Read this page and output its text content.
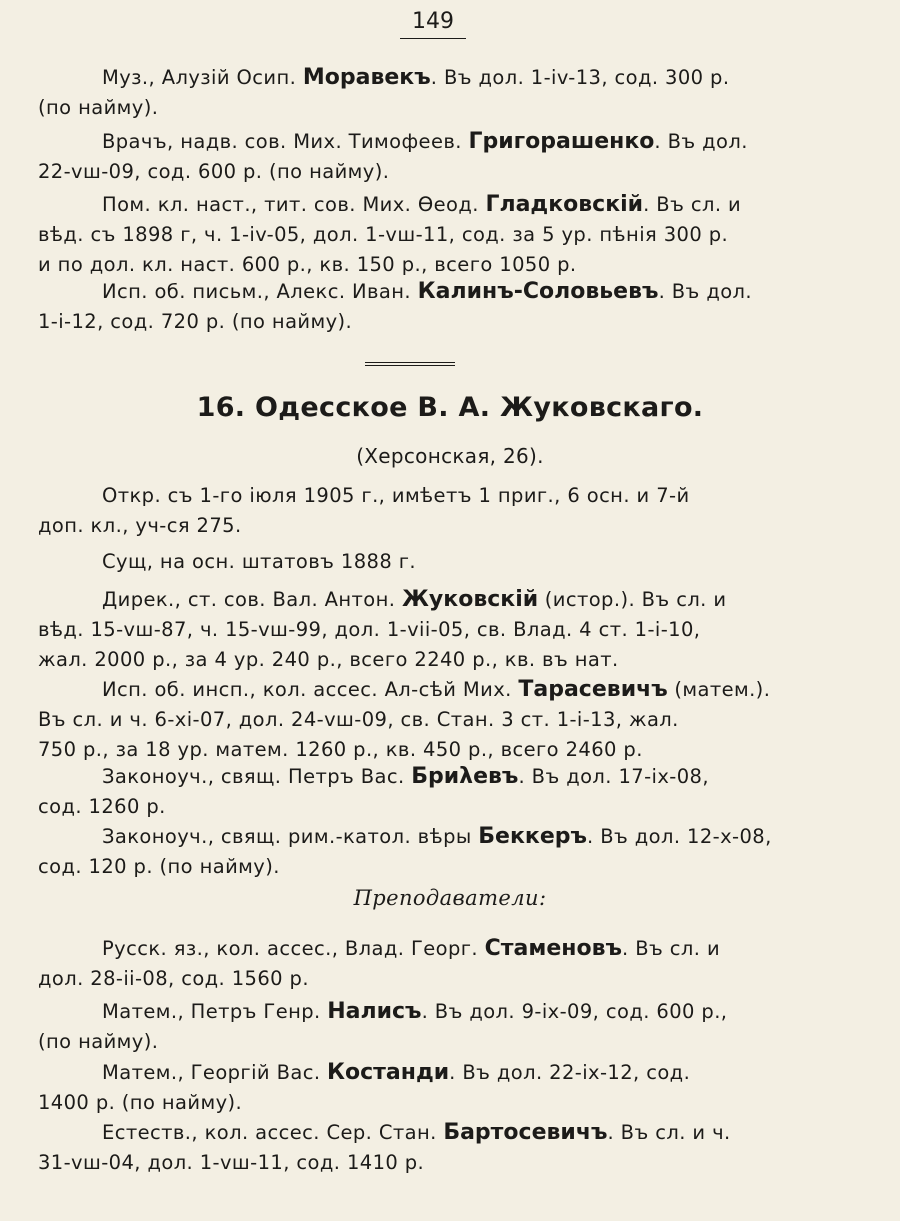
149

Муз., Алузій Осип. Моравекъ. Въ дол. 1-iv-13, сод. 300 р.
(по найму).

Врачъ, надв. сов. Мих. Тимофеев. Григорашенко. Въ дол.
22-vш-09, сод. 600 р. (по найму).

Пом. кл. наст., тит. сов. Мих. Ѳеод. Гладковскій. Въ сл. и
вѣд. съ 1898 г, ч. 1-iv-05, дол. 1-vш-11, сод. за 5 ур. пѣнія 300 р.
и по дол. кл. наст. 600 р., кв. 150 р., всего 1050 р.

Исп. об. письм., Алекс. Иван. Калинъ-Соловьевъ. Въ дол.
1-i-12, сод. 720 р. (по найму).

16. Одесское В. А. Жуковскаго.
(Херсонская, 26).

Откр. съ 1-го іюля 1905 г., имѣетъ 1 приг., 6 осн. и 7-й
доп. кл., уч-ся 275.

Сущ, на осн. штатовъ 1888 г.

Дирек., ст. сов. Вал. Антон. Жуковскій (истор.). Въ сл. и
вѣд. 15-vш-87, ч. 15-vш-99, дол. 1-vii-05, св. Влад. 4 ст. 1-i-10,
жал. 2000 р., за 4 ур. 240 р., всего 2240 р., кв. въ нат.

Исп. об. инсп., кол. ассес. Ал-сѣй Мих. Тарасевичъ (матем.).
Въ сл. и ч. 6-xi-07, дол. 24-vш-09, св. Стан. 3 ст. 1-i-13, жал.
750 р., за 18 ур. матем. 1260 р., кв. 450 р., всего 2460 р.

Законоуч., свящ. Петръ Вас. Бриλевъ. Въ дол. 17-ix-08,
сод. 1260 р.

Законоуч., свящ. рим.-катол. вѣры Беккеръ. Въ дол. 12-x-08,
сод. 120 р. (по найму).

Преподаватели:

Русск. яз., кол. ассес., Влад. Георг. Стаменовъ. Въ сл. и
дол. 28-ii-08, сод. 1560 р.

Матем., Петръ Генр. Налисъ. Въ дол. 9-ix-09, сод. 600 р.,
(по найму).

Матем., Георгій Вас. Костанди. Въ дол. 22-ix-12, сод.
1400 р. (по найму).

Естеств., кол. ассес. Сер. Стан. Бартосевичъ. Въ сл. и ч.
31-vш-04, дол. 1-vш-11, сод. 1410 р.
